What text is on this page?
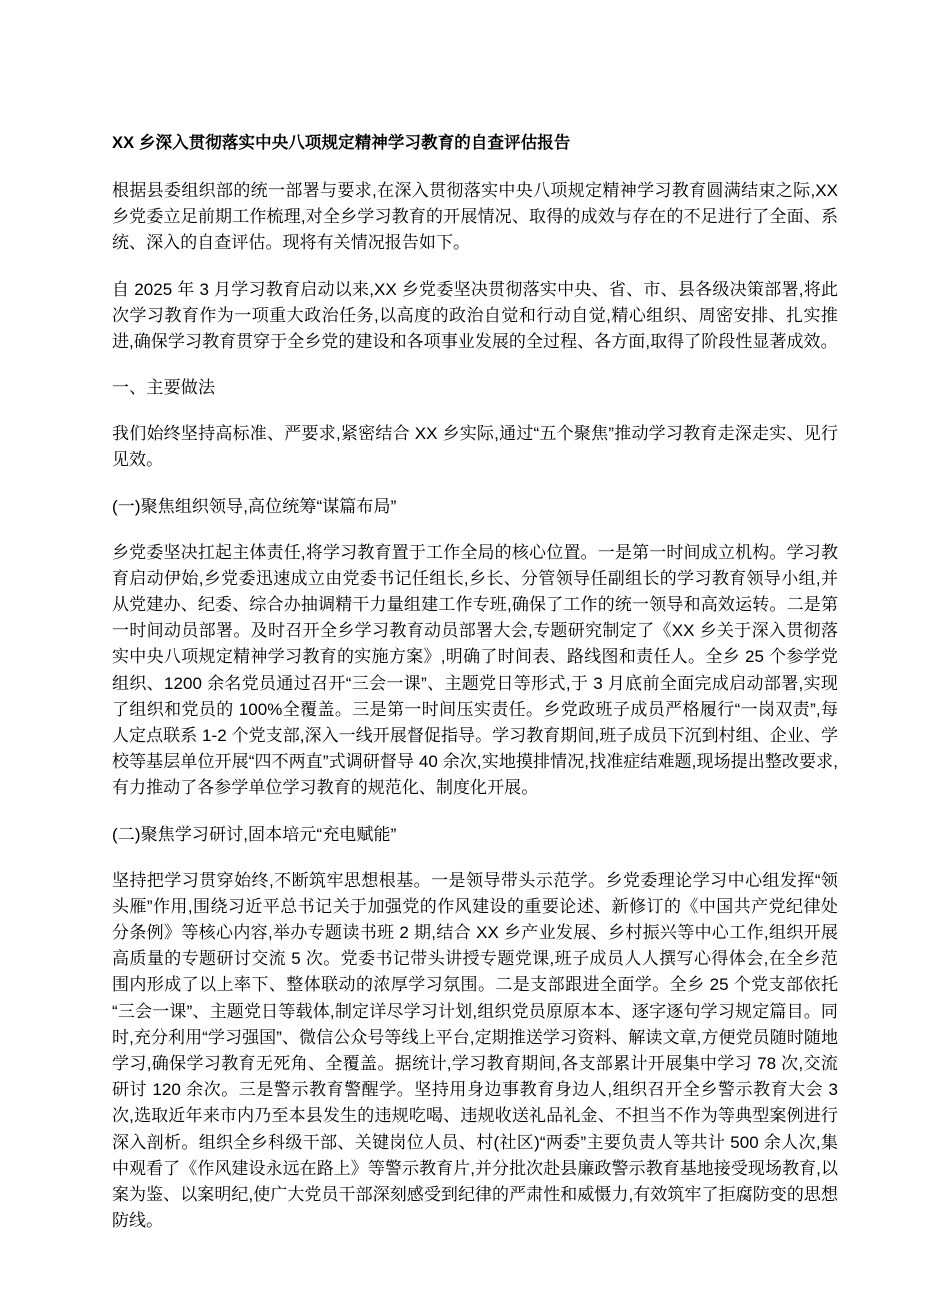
XX 乡深入贯彻落实中央八项规定精神学习教育的自查评估报告

根据县委组织部的统一部署与要求,在深入贯彻落实中央八项规定精神学习教育圆满结束之际,XX 乡党委立足前期工作梳理,对全乡学习教育的开展情况、取得的成效与存在的不足进行了全面、系统、深入的自查评估。现将有关情况报告如下。

自 2025 年 3 月学习教育启动以来,XX 乡党委坚决贯彻落实中央、省、市、县各级决策部署,将此次学习教育作为一项重大政治任务,以高度的政治自觉和行动自觉,精心组织、周密安排、扎实推进,确保学习教育贯穿于全乡党的建设和各项事业发展的全过程、各方面,取得了阶段性显著成效。

一、主要做法

我们始终坚持高标准、严要求,紧密结合 XX 乡实际,通过“五个聚焦”推动学习教育走深走实、见行见效。

(一)聚焦组织领导,高位统筹“谋篇布局”

乡党委坚决扛起主体责任,将学习教育置于工作全局的核心位置。一是第一时间成立机构。学习教育启动伊始,乡党委迅速成立由党委书记任组长,乡长、分管领导任副组长的学习教育领导小组,并从党建办、纪委、综合办抽调精干力量组建工作专班,确保了工作的统一领导和高效运转。二是第一时间动员部署。及时召开全乡学习教育动员部署大会,专题研究制定了《XX 乡关于深入贯彻落实中央八项规定精神学习教育的实施方案》,明确了时间表、路线图和责任人。全乡 25 个参学党组织、1200 余名党员通过召开“三会一课”、主题党日等形式,于 3 月底前全面完成启动部署,实现了组织和党员的 100%全覆盖。三是第一时间压实责任。乡党政班子成员严格履行“一岗双责”,每人定点联系 1-2 个党支部,深入一线开展督促指导。学习教育期间,班子成员下沉到村组、企业、学校等基层单位开展“四不两直”式调研督导 40 余次,实地摸排情况,找准症结难题,现场提出整改要求,有力推动了各参学单位学习教育的规范化、制度化开展。

(二)聚焦学习研讨,固本培元“充电赋能”

坚持把学习贯穿始终,不断筑牢思想根基。一是领导带头示范学。乡党委理论学习中心组发挥“领头雁”作用,围绕习近平总书记关于加强党的作风建设的重要论述、新修订的《中国共产党纪律处分条例》等核心内容,举办专题读书班 2 期,结合 XX 乡产业发展、乡村振兴等中心工作,组织开展高质量的专题研讨交流 5 次。党委书记带头讲授专题党课,班子成员人人撰写心得体会,在全乡范围内形成了以上率下、整体联动的浓厚学习氛围。二是支部跟进全面学。全乡 25 个党支部依托“三会一课”、主题党日等载体,制定详尽学习计划,组织党员原原本本、逐字逐句学习规定篇目。同时,充分利用“学习强国”、微信公众号等线上平台,定期推送学习资料、解读文章,方便党员随时随地学习,确保学习教育无死角、全覆盖。据统计,学习教育期间,各支部累计开展集中学习 78 次,交流研讨 120 余次。三是警示教育警醒学。坚持用身边事教育身边人,组织召开全乡警示教育大会 3 次,选取近年来市内乃至本县发生的违规吃喝、违规收送礼品礼金、不担当不作为等典型案例进行深入剖析。组织全乡科级干部、关键岗位人员、村(社区)“两委”主要负责人等共计 500 余人次,集中观看了《作风建设永远在路上》等警示教育片,并分批次赴县廉政警示教育基地接受现场教育,以案为鉴、以案明纪,使广大党员干部深刻感受到纪律的严肃性和威慑力,有效筑牢了拒腐防变的思想防线。
